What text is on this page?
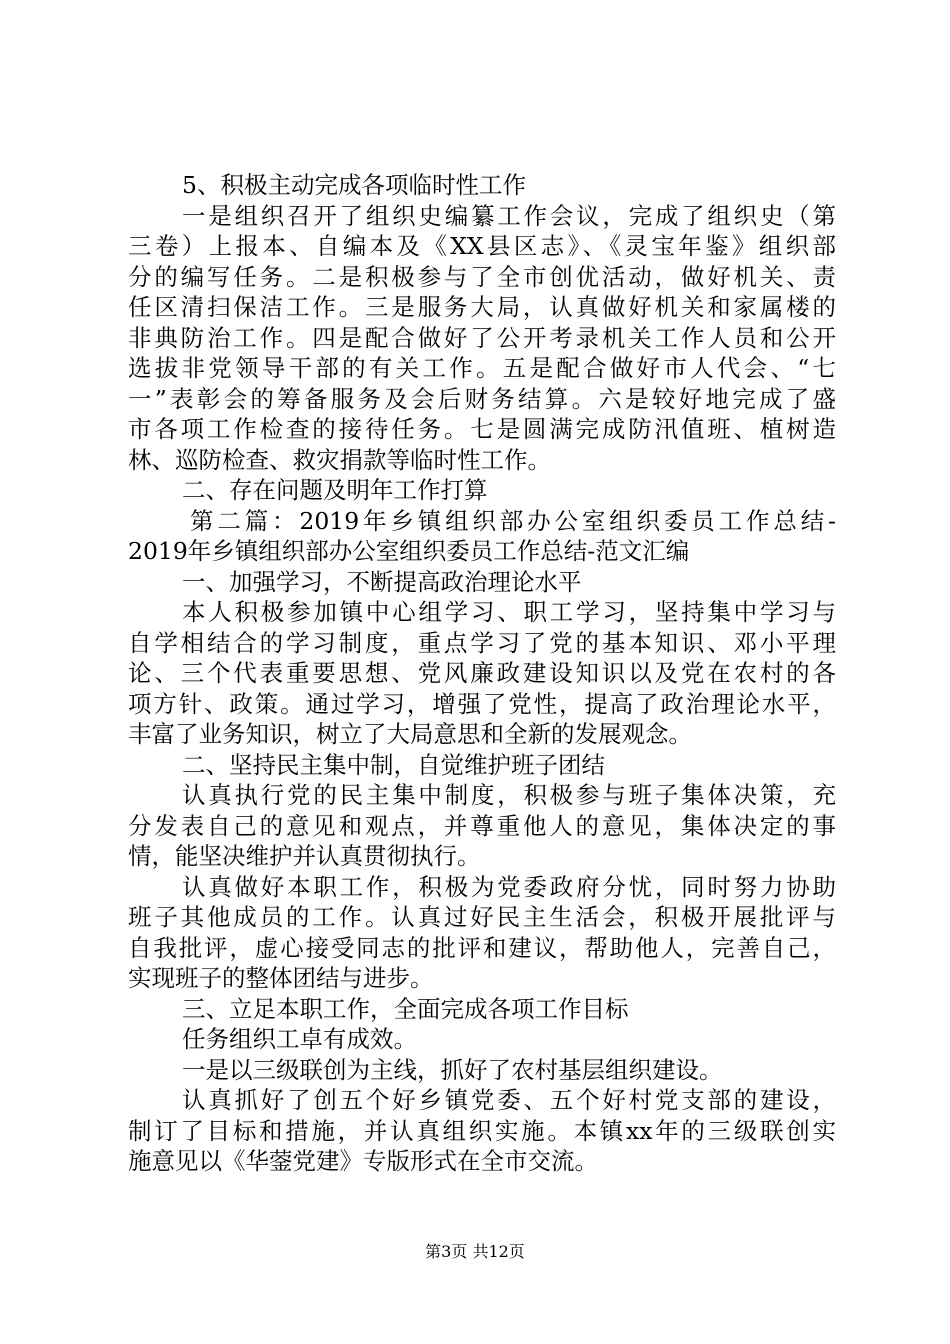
5、积极主动完成各项临时性工作
一是组织召开了组织史编纂工作会议，完成了组织史（第
三卷）上报本、自编本及《XX县区志》、《灵宝年鉴》组织部
分的编写任务。二是积极参与了全市创优活动，做好机关、责
任区清扫保洁工作。三是服务大局，认真做好机关和家属楼的
非典防治工作。四是配合做好了公开考录机关工作人员和公开
选拔非党领导干部的有关工作。五是配合做好市人代会、“七
一”表彰会的筹备服务及会后财务结算。六是较好地完成了盛
市各项工作检查的接待任务。七是圆满完成防汛值班、植树造
林、巡防检查、救灾捐款等临时性工作。
二、存在问题及明年工作打算
第二篇：2019年乡镇组织部办公室组织委员工作总结-
2019年乡镇组织部办公室组织委员工作总结-范文汇编
一、加强学习，不断提高政治理论水平
本人积极参加镇中心组学习、职工学习，坚持集中学习与
自学相结合的学习制度，重点学习了党的基本知识、邓小平理
论、三个代表重要思想、党风廉政建设知识以及党在农村的各
项方针、政策。通过学习，增强了党性，提高了政治理论水平，
丰富了业务知识，树立了大局意思和全新的发展观念。
二、坚持民主集中制，自觉维护班子团结
认真执行党的民主集中制度，积极参与班子集体决策，充
分发表自己的意见和观点，并尊重他人的意见，集体决定的事
情，能坚决维护并认真贯彻执行。
认真做好本职工作，积极为党委政府分忧，同时努力协助
班子其他成员的工作。认真过好民主生活会，积极开展批评与
自我批评，虚心接受同志的批评和建议，帮助他人，完善自己，
实现班子的整体团结与进步。
三、立足本职工作，全面完成各项工作目标
任务组织工卓有成效。
一是以三级联创为主线，抓好了农村基层组织建设。
认真抓好了创五个好乡镇党委、五个好村党支部的建设，
制订了目标和措施，并认真组织实施。本镇xx年的三级联创实
施意见以《华蓥党建》专版形式在全市交流。
第3页 共12页
